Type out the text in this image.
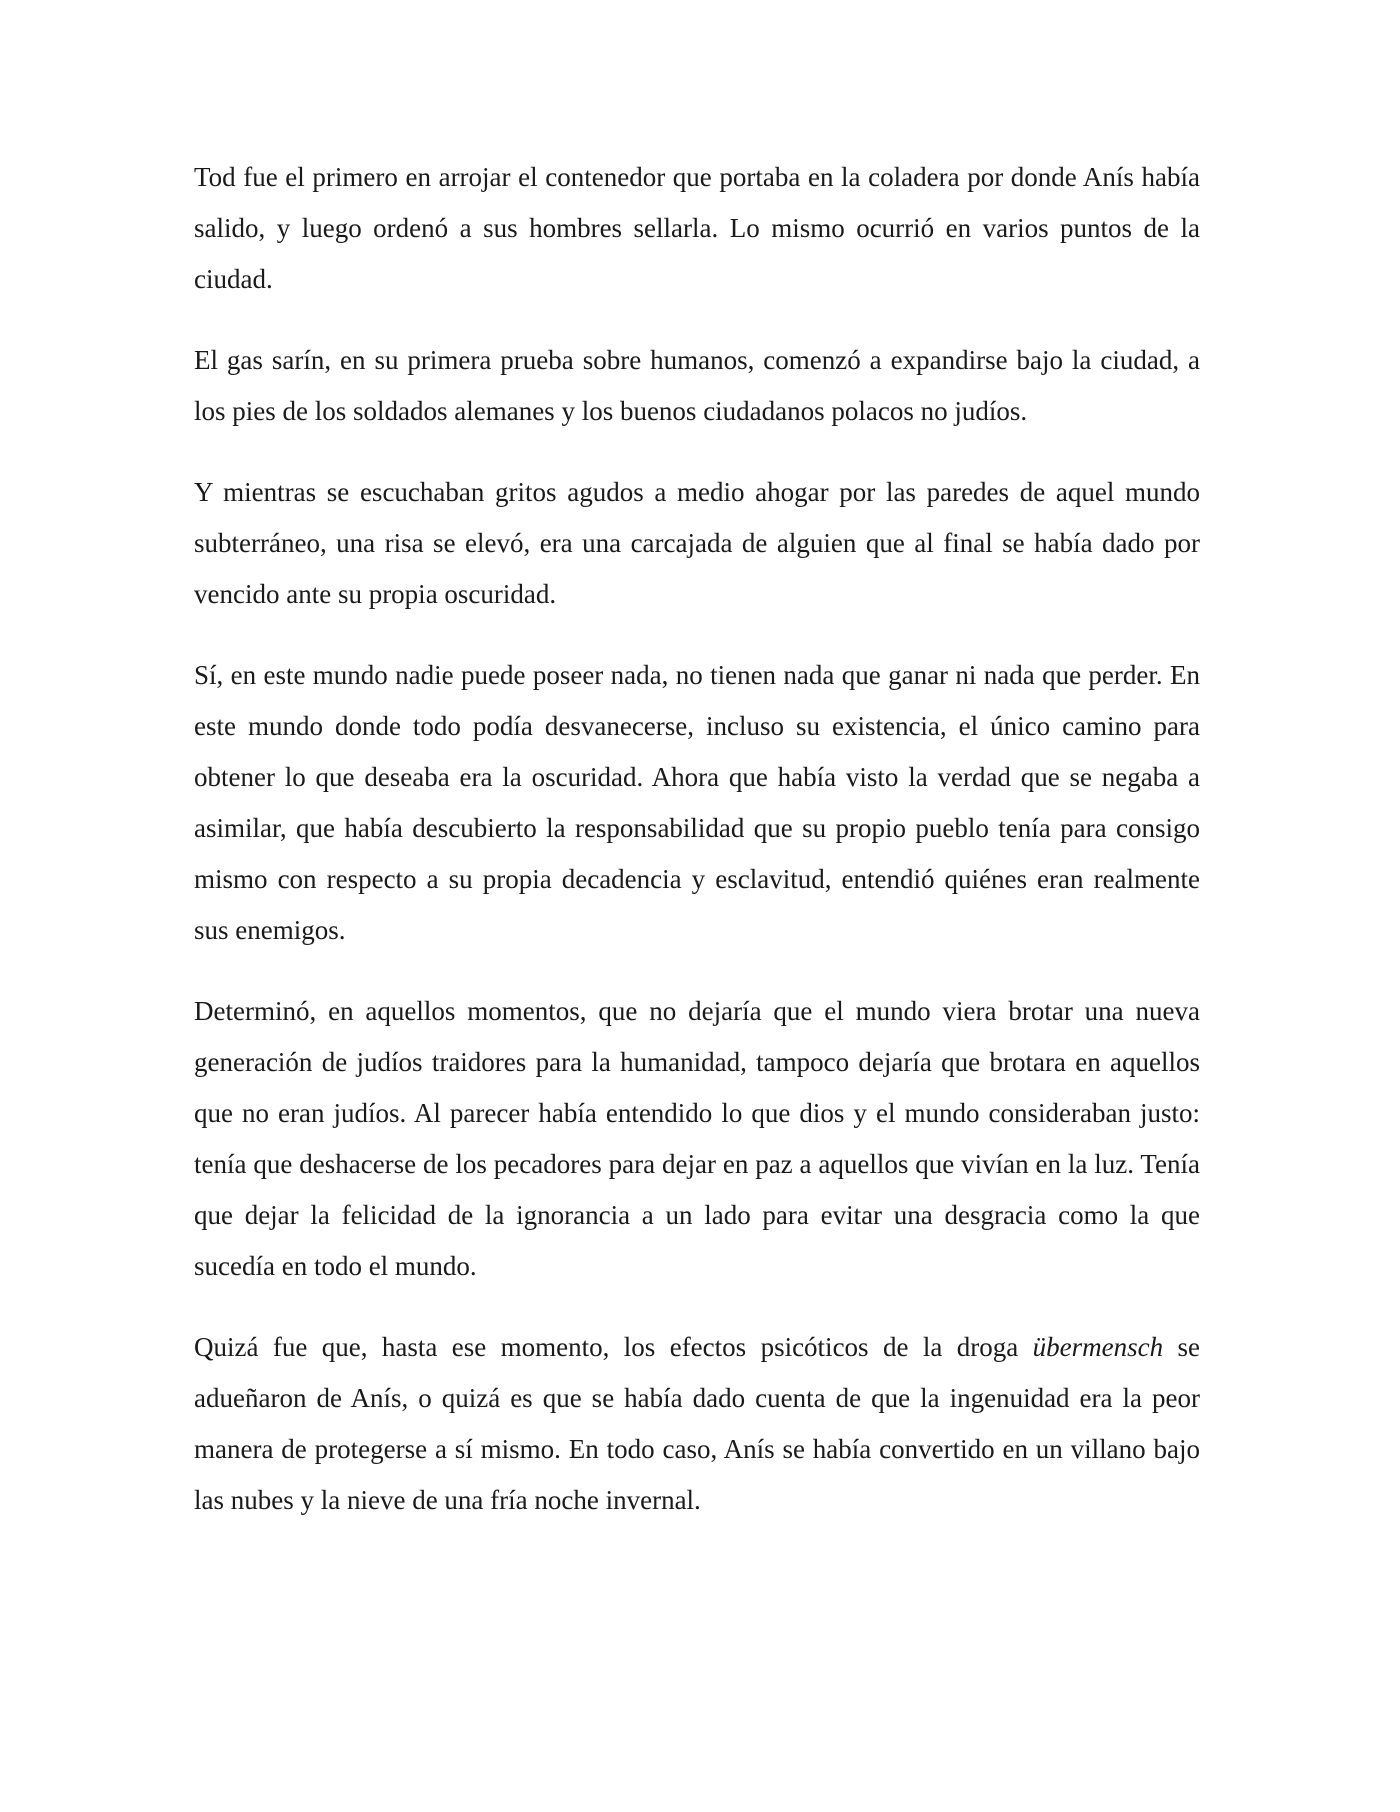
Tod fue el primero en arrojar el contenedor que portaba en la coladera por donde Anís había salido, y luego ordenó a sus hombres sellarla. Lo mismo ocurrió en varios puntos de la ciudad.

El gas sarín, en su primera prueba sobre humanos, comenzó a expandirse bajo la ciudad, a los pies de los soldados alemanes y los buenos ciudadanos polacos no judíos.

Y mientras se escuchaban gritos agudos a medio ahogar por las paredes de aquel mundo subterráneo, una risa se elevó, era una carcajada de alguien que al final se había dado por vencido ante su propia oscuridad.

Sí, en este mundo nadie puede poseer nada, no tienen nada que ganar ni nada que perder. En este mundo donde todo podía desvanecerse, incluso su existencia, el único camino para obtener lo que deseaba era la oscuridad. Ahora que había visto la verdad que se negaba a asimilar, que había descubierto la responsabilidad que su propio pueblo tenía para consigo mismo con respecto a su propia decadencia y esclavitud, entendió quiénes eran realmente sus enemigos.

Determinó, en aquellos momentos, que no dejaría que el mundo viera brotar una nueva generación de judíos traidores para la humanidad, tampoco dejaría que brotara en aquellos que no eran judíos. Al parecer había entendido lo que dios y el mundo consideraban justo: tenía que deshacerse de los pecadores para dejar en paz a aquellos que vivían en la luz. Tenía que dejar la felicidad de la ignorancia a un lado para evitar una desgracia como la que sucedía en todo el mundo.

Quizá fue que, hasta ese momento, los efectos psicóticos de la droga übermensch se adueñaron de Anís, o quizá es que se había dado cuenta de que la ingenuidad era la peor manera de protegerse a sí mismo. En todo caso, Anís se había convertido en un villano bajo las nubes y la nieve de una fría noche invernal.
